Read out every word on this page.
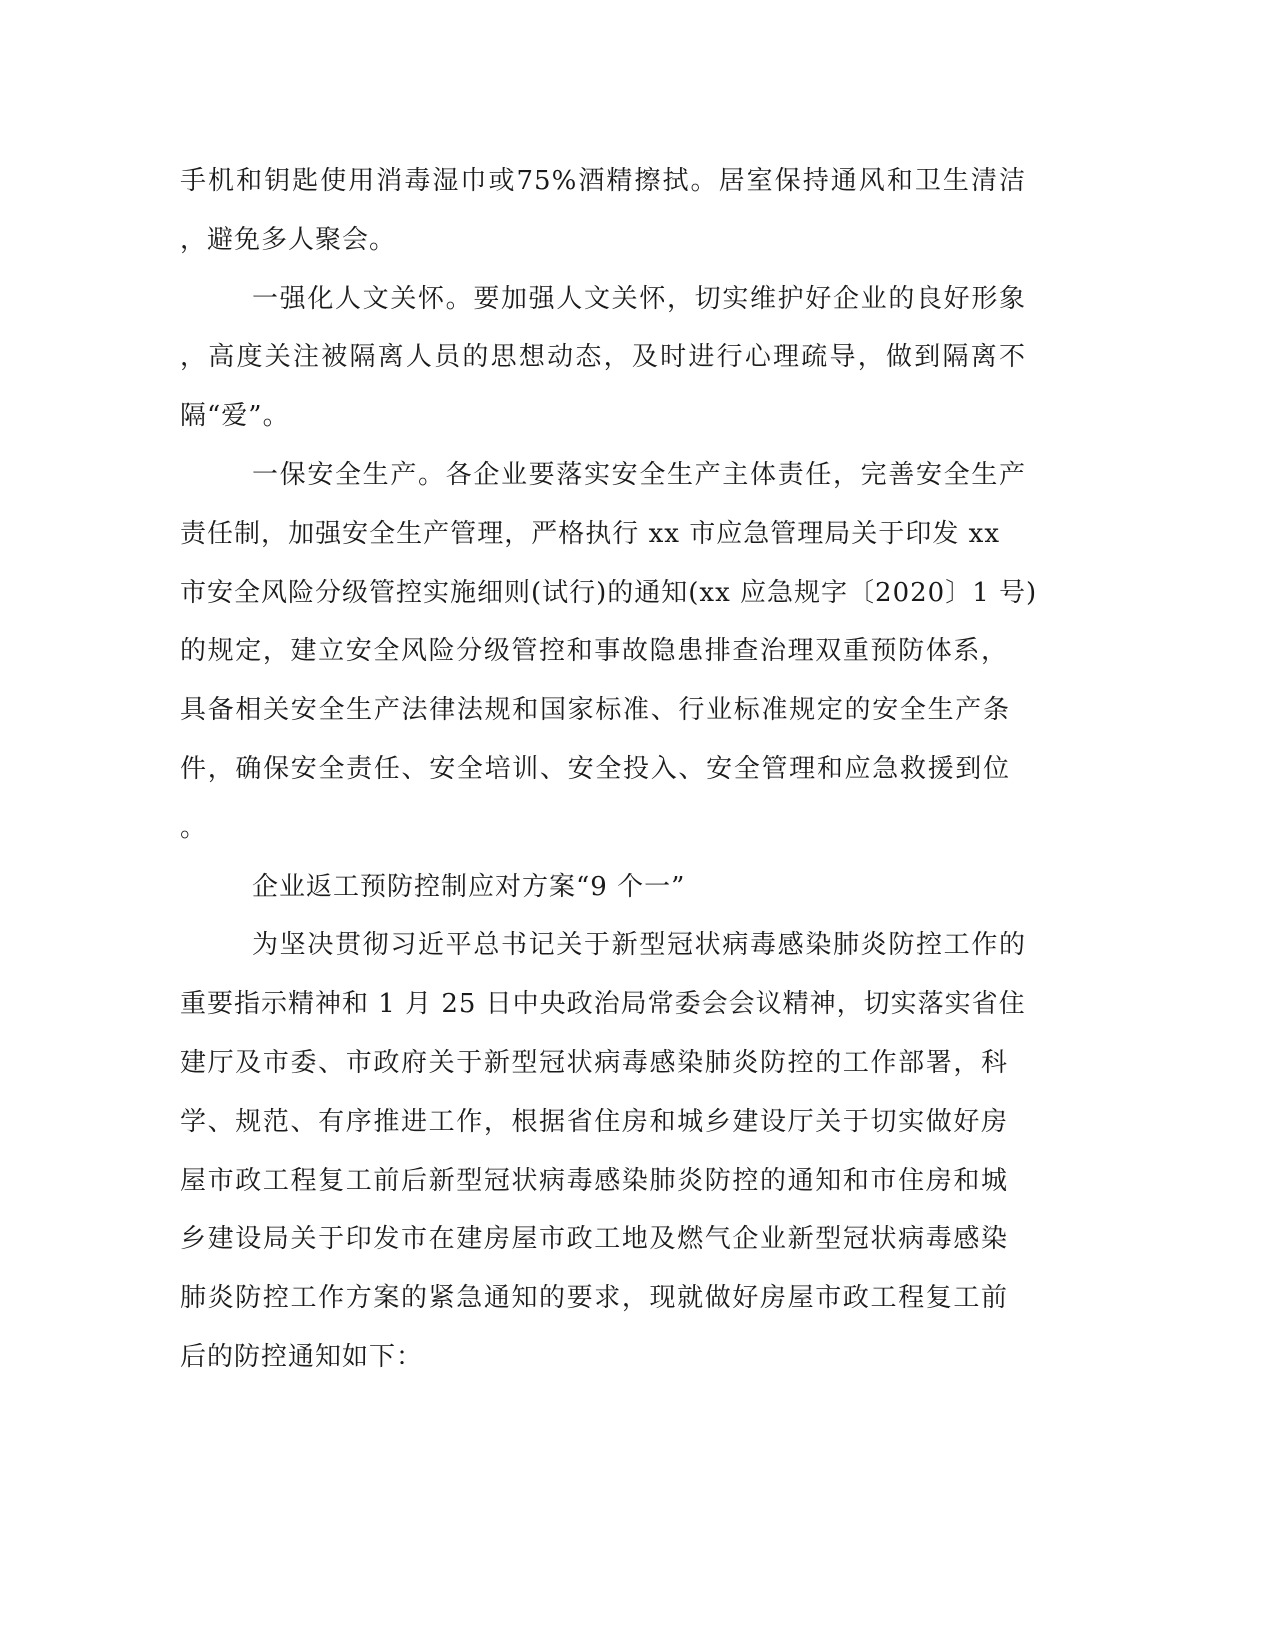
手机和钥匙使用消毒湿巾或75%酒精擦拭。居室保持通风和卫生清洁
，避免多人聚会。
一强化人文关怀。要加强人文关怀，切实维护好企业的良好形象
，高度关注被隔离人员的思想动态，及时进行心理疏导，做到隔离不
隔“爱”。
一保安全生产。各企业要落实安全生产主体责任，完善安全生产
责任制，加强安全生产管理，严格执行 xx 市应急管理局关于印发 xx
市安全风险分级管控实施细则(试行)的通知(xx 应急规字〔2020〕1 号)
的规定，建立安全风险分级管控和事故隐患排查治理双重预防体系，
具备相关安全生产法律法规和国家标准、行业标准规定的安全生产条
件，确保安全责任、安全培训、安全投入、安全管理和应急救援到位
。
企业返工预防控制应对方案“9 个一”
为坚决贯彻习近平总书记关于新型冠状病毒感染肺炎防控工作的
重要指示精神和 1 月 25 日中央政治局常委会会议精神，切实落实省住
建厅及市委、市政府关于新型冠状病毒感染肺炎防控的工作部署，科
学、规范、有序推进工作，根据省住房和城乡建设厅关于切实做好房
屋市政工程复工前后新型冠状病毒感染肺炎防控的通知和市住房和城
乡建设局关于印发市在建房屋市政工地及燃气企业新型冠状病毒感染
肺炎防控工作方案的紧急通知的要求，现就做好房屋市政工程复工前
后的防控通知如下：
